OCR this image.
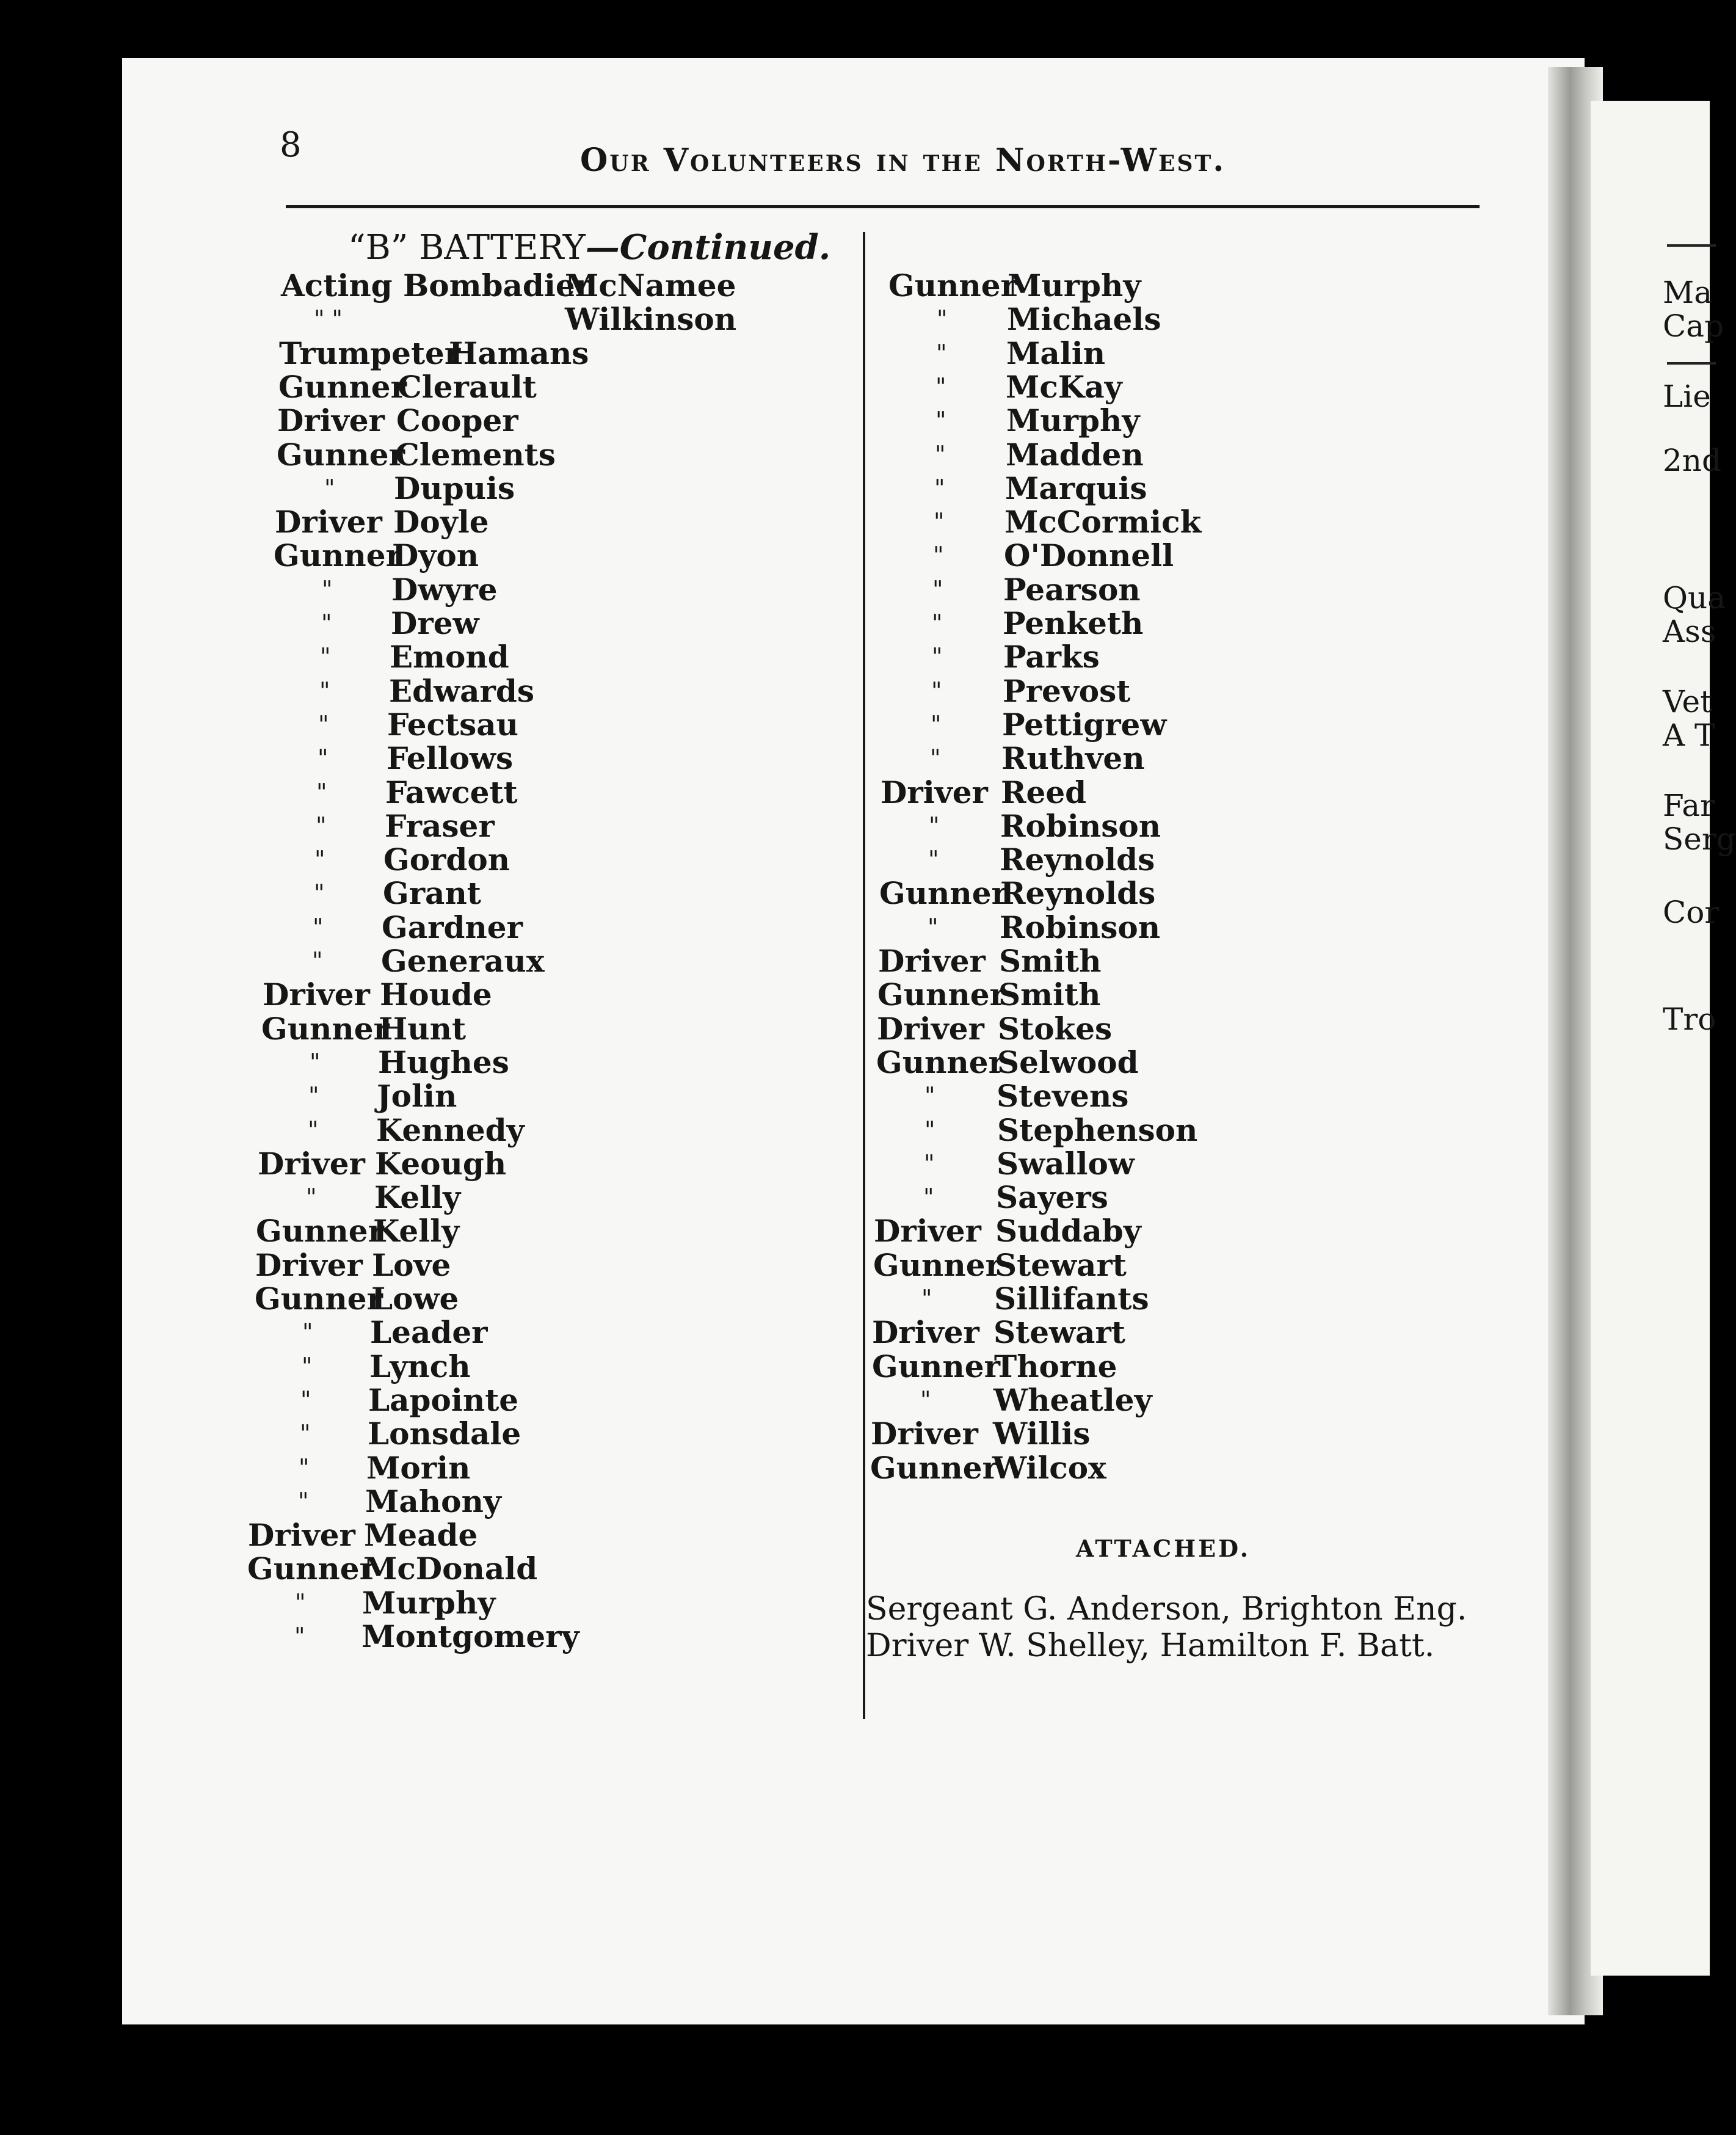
Ma
Cap
Lie
2nd
Qua
Ass
Vet
A T
Far
Serg
Cor
Tro
8	Our Volunteers in the North-West.
“B” BATTERY—Continued.
Acting Bombadier
McNamee
" "	Wilkinson
Trumpeter
Hamans
Gunner
Clerault
Driver Cooper
Gunner
Clements
" Dupuis
Driver Doyle
Gunner
Dyon
" Dwyre
" Drew
" Emond
" Edwards
" Fectsau
" Fellows
" Fawcett
" Fraser
" Gordon
" Grant
" Gardner
" Generaux
Driver Houde
Gunner
Hunt
" Hughes
" Jolin
" Kennedy
Driver Keough
" Kelly
Gunner
Kelly
Driver Love
Gunner
Lowe
" Leader
" Lynch
" Lapointe
" Lonsdale
" Morin
" Mahony
Driver Meade
Gunner
McDonald
" Murphy
" Montgomery
Gunner
Murphy
" Michaels
" Malin
" McKay
" Murphy
" Madden
" Marquis
" McCormick
" O'Donnell
" Pearson
" Penketh
" Parks
" Prevost
" Pettigrew
" Ruthven
Driver Reed
" Robinson
" Reynolds
Gunner
Reynolds
" Robinson
Driver Smith
Gunner
Smith
Driver Stokes
Gunner
Selwood
" Stevens
" Stephenson
" Swallow
" Sayers
Driver Suddaby
Gunner
Stewart
" Sillifants
Driver Stewart
Gunner
Thorne
" Wheatley
Driver Willis
Gunner
Wilcox
ATTACHED.
Sergeant G. Anderson, Brighton Eng.
Driver W. Shelley, Hamilton F. Batt.
